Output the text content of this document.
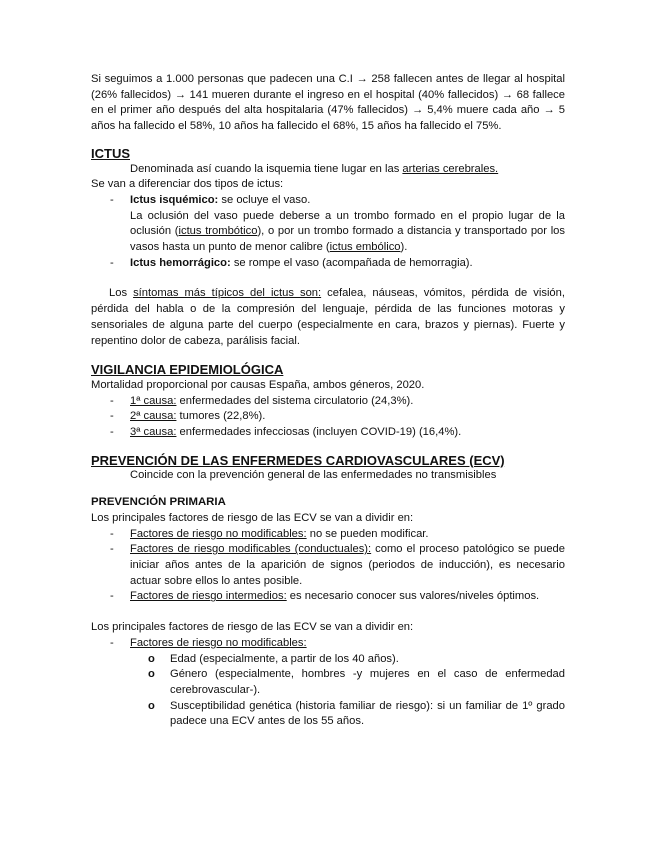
Si seguimos a 1.000 personas que padecen una C.I → 258 fallecen antes de llegar al hospital (26% fallecidos) → 141 mueren durante el ingreso en el hospital (40% fallecidos) → 68 fallece en el primer año después del alta hospitalaria (47% fallecidos) → 5,4% muere cada año → 5 años ha fallecido el 58%, 10 años ha fallecido el 68%, 15 años ha fallecido el 75%.

ICTUS

Denominada así cuando la isquemia tiene lugar en las arterias cerebrales.

Se van a diferenciar dos tipos de ictus:

- Ictus isquémico: se ocluye el vaso.

La oclusión del vaso puede deberse a un trombo formado en el propio lugar de la oclusión (ictus trombótico), o por un trombo formado a distancia y transportado por los vasos hasta un punto de menor calibre (ictus embólico).

- Ictus hemorrágico: se rompe el vaso (acompañada de hemorragia).

Los síntomas más típicos del ictus son: cefalea, náuseas, vómitos, pérdida de visión, pérdida del habla o de la compresión del lenguaje, pérdida de las funciones motoras y sensoriales de alguna parte del cuerpo (especialmente en cara, brazos y piernas). Fuerte y repentino dolor de cabeza, parálisis facial.

VIGILANCIA EPIDEMIOLÓGICA

Mortalidad proporcional por causas España, ambos géneros, 2020.

- 1ª causa: enfermedades del sistema circulatorio (24,3%).
- 2ª causa: tumores (22,8%).
- 3ª causa: enfermedades infecciosas (incluyen COVID-19) (16,4%).

PREVENCIÓN DE LAS ENFERMEDES CARDIOVASCULARES (ECV)

Coincide con la prevención general de las enfermedades no transmisibles

PREVENCIÓN PRIMARIA

Los principales factores de riesgo de las ECV se van a dividir en:

- Factores de riesgo no modificables: no se pueden modificar.
- Factores de riesgo modificables (conductuales): como el proceso patológico se puede iniciar años antes de la aparición de signos (periodos de inducción), es necesario actuar sobre ellos lo antes posible.
- Factores de riesgo intermedios: es necesario conocer sus valores/niveles óptimos.

Los principales factores de riesgo de las ECV se van a dividir en:

- Factores de riesgo no modificables:
o Edad (especialmente, a partir de los 40 años).
o Género (especialmente, hombres -y mujeres en el caso de enfermedad cerebrovascular-).
o Susceptibilidad genética (historia familiar de riesgo): si un familiar de 1º grado padece una ECV antes de los 55 años.
